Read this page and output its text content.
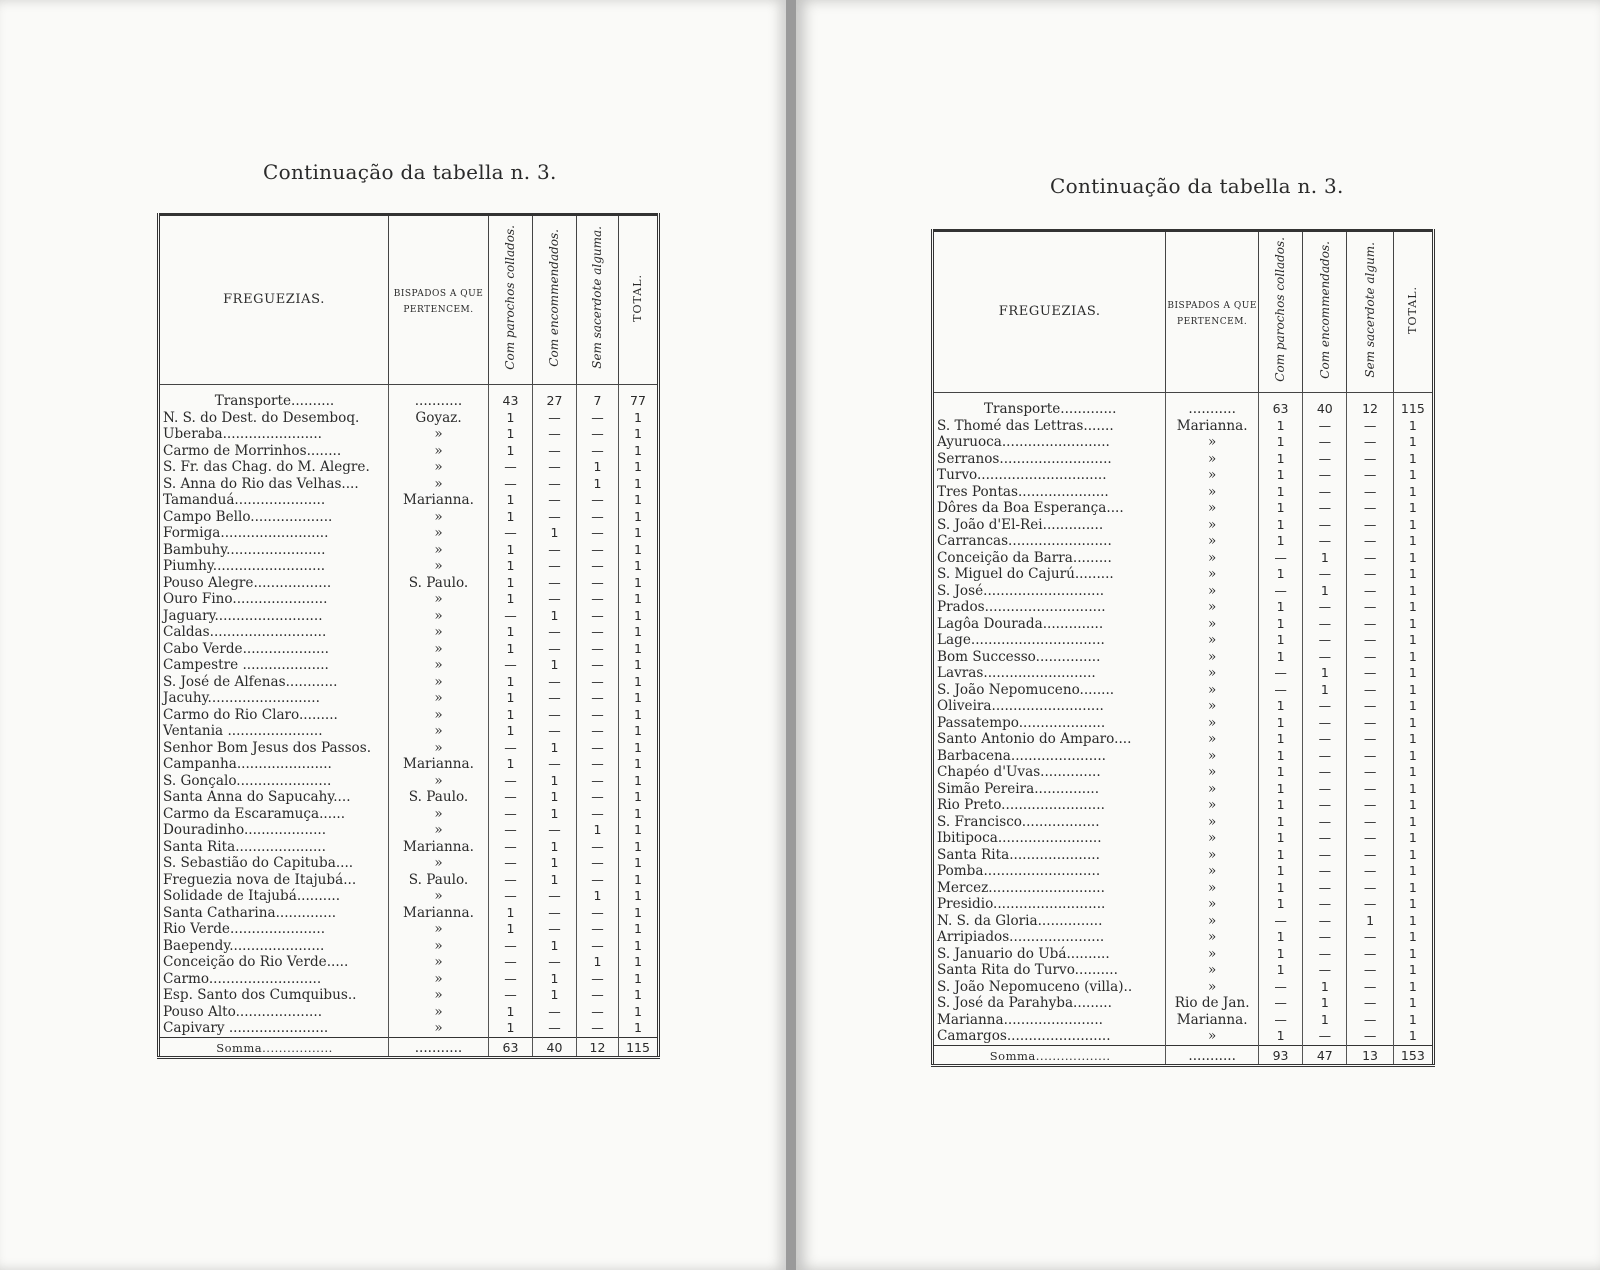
Continuação da tabella n. 3.
FREGUEZIAS.	BISPADOS A QUE PERTENCEM.	Com parochos collados.	Com encommendados.	Sem sacerdote alguma.	TOTAL.
Transporte..........	...........	43	27	7	77
N. S. do Dest. do Desemboq.	Goyaz.	1	—	—	1
Uberaba.......................	»	1	—	—	1
Carmo de Morrinhos........	»	1	—	—	1
S. Fr. das Chag. do M. Alegre.	»	—	—	1	1
S. Anna do Rio das Velhas....	»	—	—	1	1
Tamanduá.....................	Marianna.	1	—	—	1
Campo Bello...................	»	1	—	—	1
Formiga.........................	»	—	1	—	1
Bambuhy.......................	»	1	—	—	1
Piumhy..........................	»	1	—	—	1
Pouso Alegre..................	S. Paulo.	1	—	—	1
Ouro Fino......................	»	1	—	—	1
Jaguary.........................	»	—	1	—	1
Caldas...........................	»	1	—	—	1
Cabo Verde....................	»	1	—	—	1
Campestre ....................	»	—	1	—	1
S. José de Alfenas............	»	1	—	—	1
Jacuhy..........................	»	1	—	—	1
Carmo do Rio Claro.........	»	1	—	—	1
Ventania ......................	»	1	—	—	1
Senhor Bom Jesus dos Passos.	»	—	1	—	1
Campanha......................	Marianna.	1	—	—	1
S. Gonçalo......................	»	—	1	—	1
Santa Anna do Sapucahy....	S. Paulo.	—	1	—	1
Carmo da Escaramuça......	»	—	1	—	1
Douradinho...................	»	—	—	1	1
Santa Rita.....................	Marianna.	—	1	—	1
S. Sebastião do Capituba....	»	—	1	—	1
Freguezia nova de Itajubá...	S. Paulo.	—	1	—	1
Solidade de Itajubá..........	»	—	—	1	1
Santa Catharina..............	Marianna.	1	—	—	1
Rio Verde......................	»	1	—	—	1
Baependy......................	»	—	1	—	1
Conceição do Rio Verde.....	»	—	—	1	1
Carmo..........................	»	—	1	—	1
Esp. Santo dos Cumquibus..	»	—	1	—	1
Pouso Alto....................	»	1	—	—	1
Capivary .......................	»	1	—	—	1
Somma.................	...........	63	40	12	115
Continuação da tabella n. 3.
FREGUEZIAS.	BISPADOS A QUE PERTENCEM.	Com parochos collados.	Com encommendados.	Sem sacerdote algum.	TOTAL.
Transporte.............	...........	63	40	12	115
S. Thomé das Lettras.......	Marianna.	1	—	—	1
Ayuruoca.........................	»	1	—	—	1
Serranos..........................	»	1	—	—	1
Turvo..............................	»	1	—	—	1
Tres Pontas.....................	»	1	—	—	1
Dôres da Boa Esperança....	»	1	—	—	1
S. João d'El-Rei..............	»	1	—	—	1
Carrancas........................	»	1	—	—	1
Conceição da Barra.........	»	—	1	—	1
S. Miguel do Cajurú.........	»	1	—	—	1
S. José............................	»	—	1	—	1
Prados............................	»	1	—	—	1
Lagôa Dourada..............	»	1	—	—	1
Lage...............................	»	1	—	—	1
Bom Successo...............	»	1	—	—	1
Lavras..........................	»	—	1	—	1
S. João Nepomuceno........	»	—	1	—	1
Oliveira..........................	»	1	—	—	1
Passatempo....................	»	1	—	—	1
Santo Antonio do Amparo....	»	1	—	—	1
Barbacena......................	»	1	—	—	1
Chapéo d'Uvas..............	»	1	—	—	1
Simão Pereira...............	»	1	—	—	1
Rio Preto........................	»	1	—	—	1
S. Francisco..................	»	1	—	—	1
Ibitipoca........................	»	1	—	—	1
Santa Rita.....................	»	1	—	—	1
Pomba...........................	»	1	—	—	1
Mercez...........................	»	1	—	—	1
Presidio..........................	»	1	—	—	1
N. S. da Gloria...............	»	—	—	1	1
Arripiados......................	»	1	—	—	1
S. Januario do Ubá..........	»	1	—	—	1
Santa Rita do Turvo..........	»	1	—	—	1
S. João Nepomuceno (villa)..	»	—	1	—	1
S. José da Parahyba.........	Rio de Jan.	—	1	—	1
Marianna.......................	Marianna.	—	1	—	1
Camargos........................	»	1	—	—	1
Somma..................	...........	93	47	13	153
